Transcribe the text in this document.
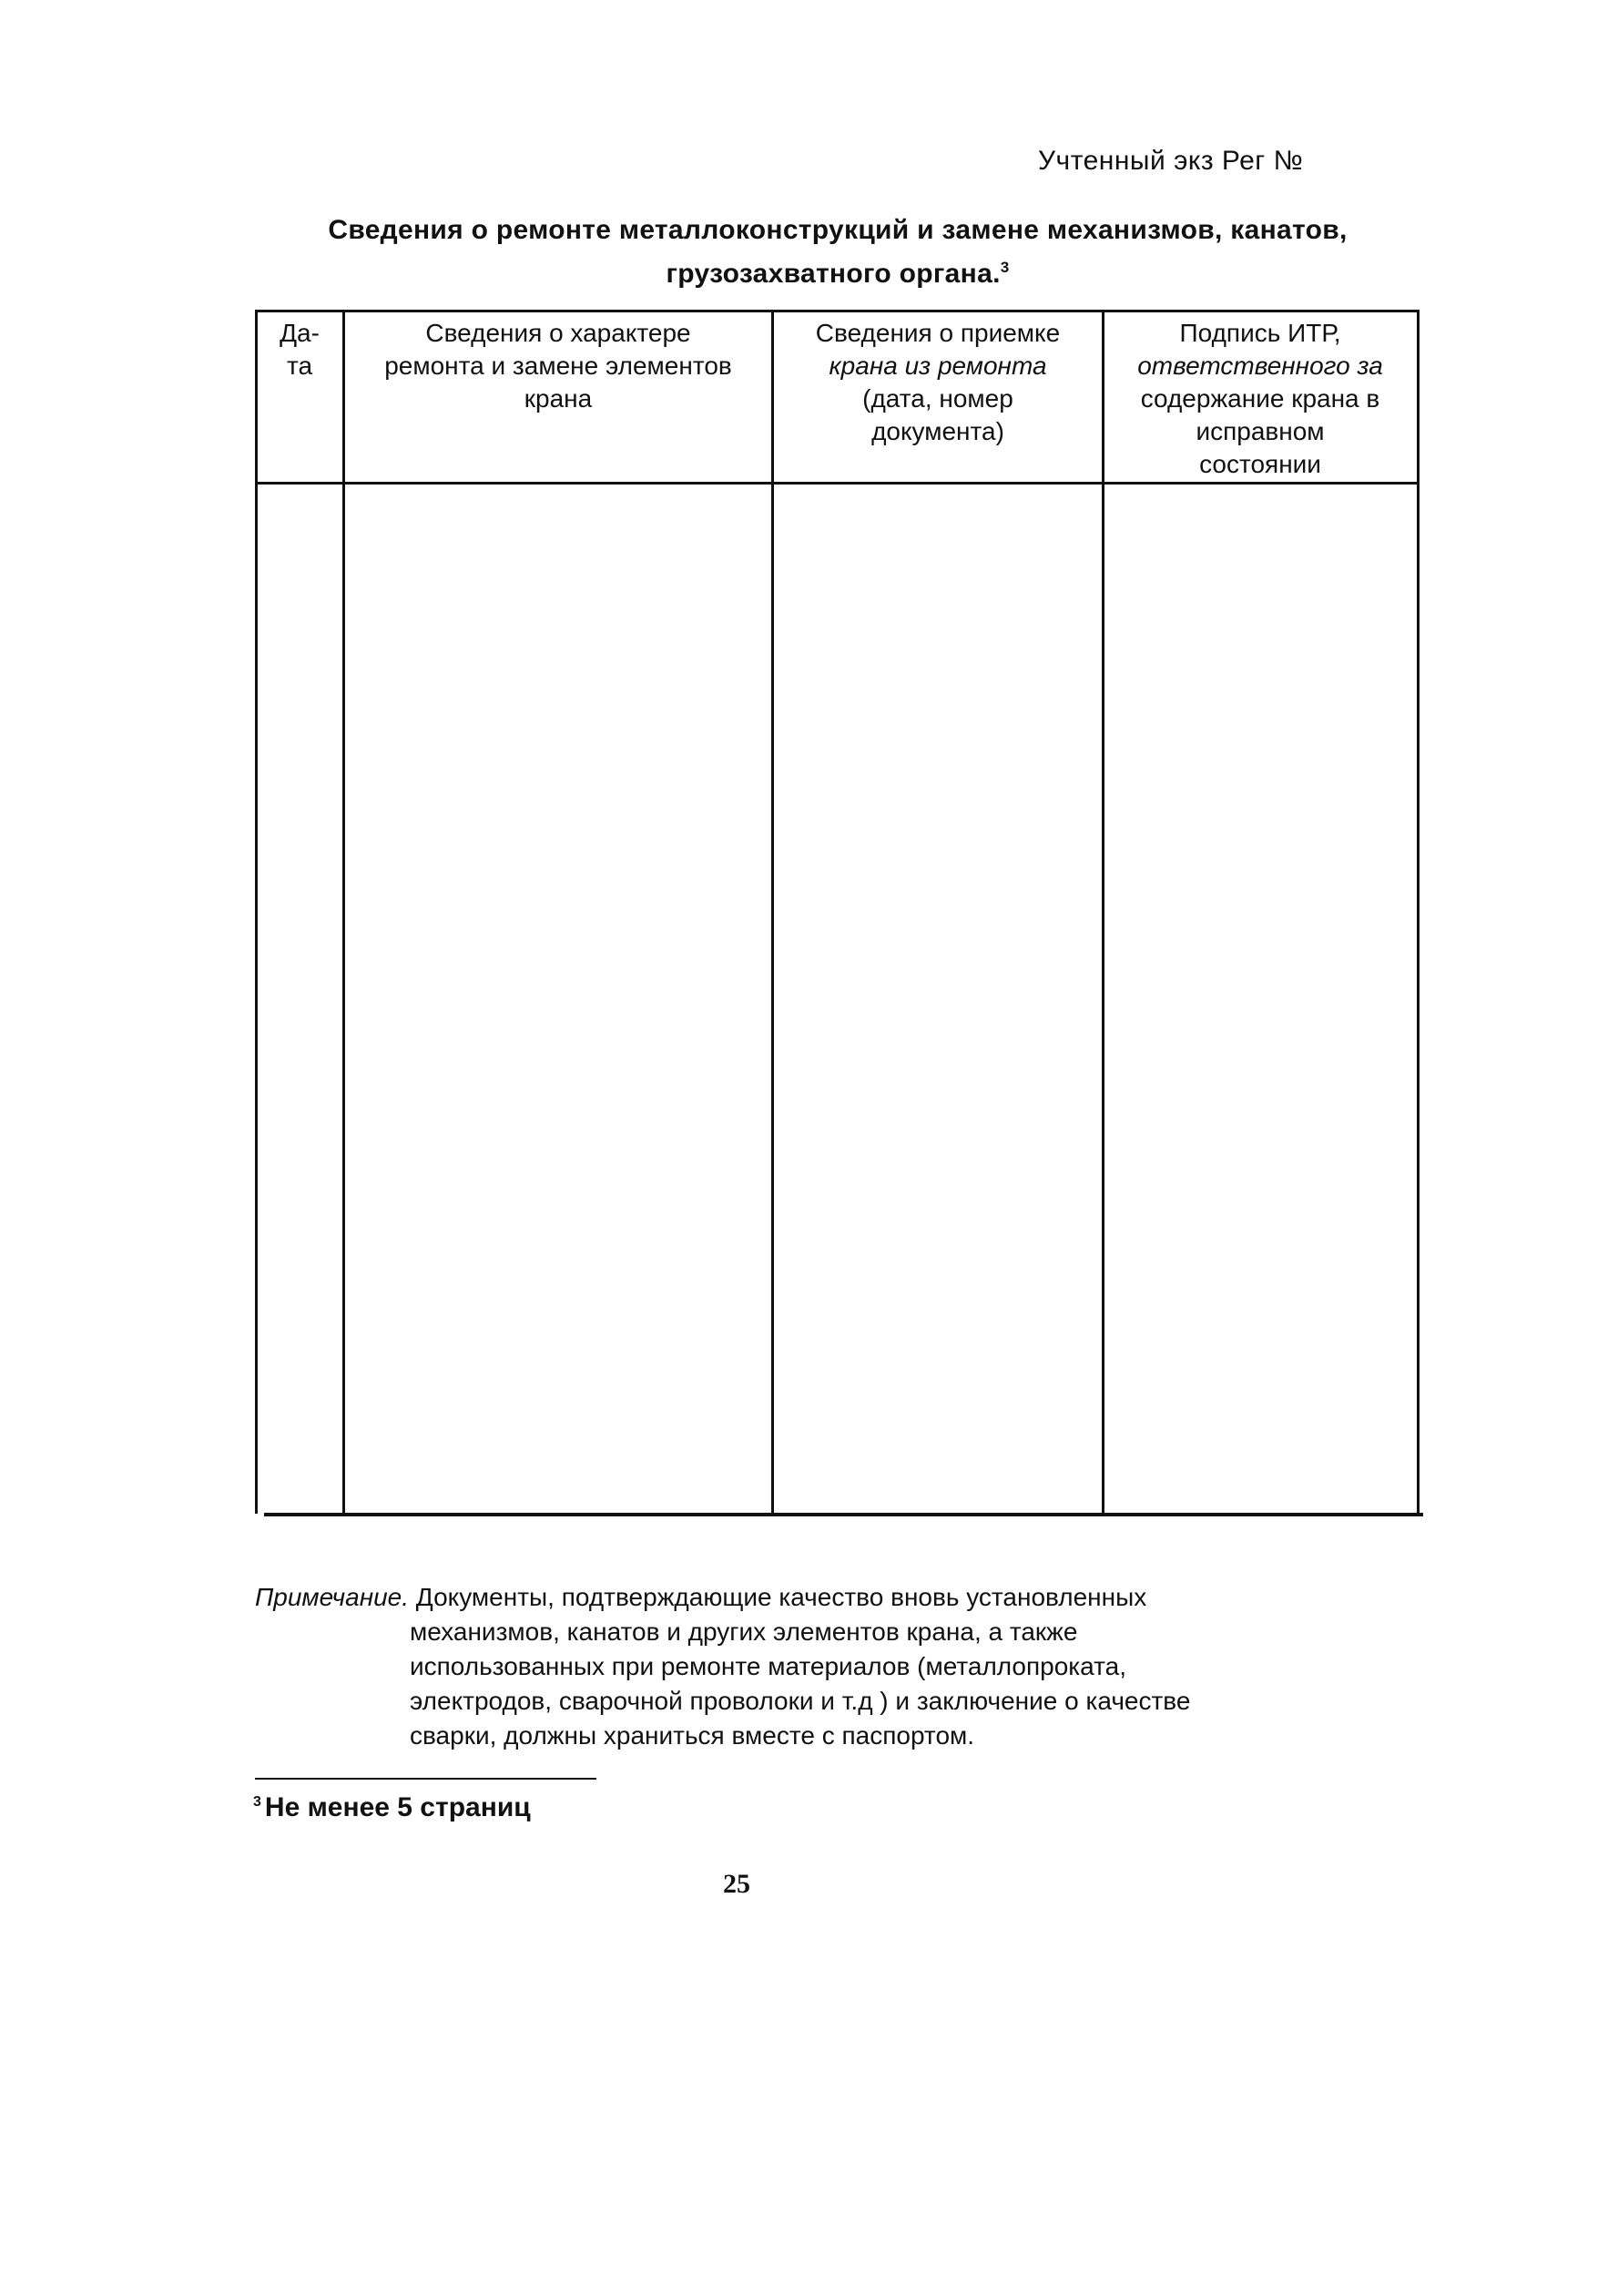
Учтенный экз Рег №
Сведения о ремонте металлоконструкций и замене механизмов, канатов,
грузозахватного органа.$^3$
Да-
та
Сведения о характере
ремонта и замене элементов
крана
Сведения о приемке
крана из ремонта
(дата, номер
документа)
Подпись ИТР,
ответственного за
содержание крана в
исправном
состоянии
Примечание. Документы, подтверждающие качество вновь установленных
механизмов, канатов и других элементов крана, а также
использованных при ремонте материалов (металлопроката,
электродов, сварочной проволоки и т.д ) и заключение о качестве
сварки, должны храниться вместе с паспортом.
$^3$ Не менее 5 страниц
25
